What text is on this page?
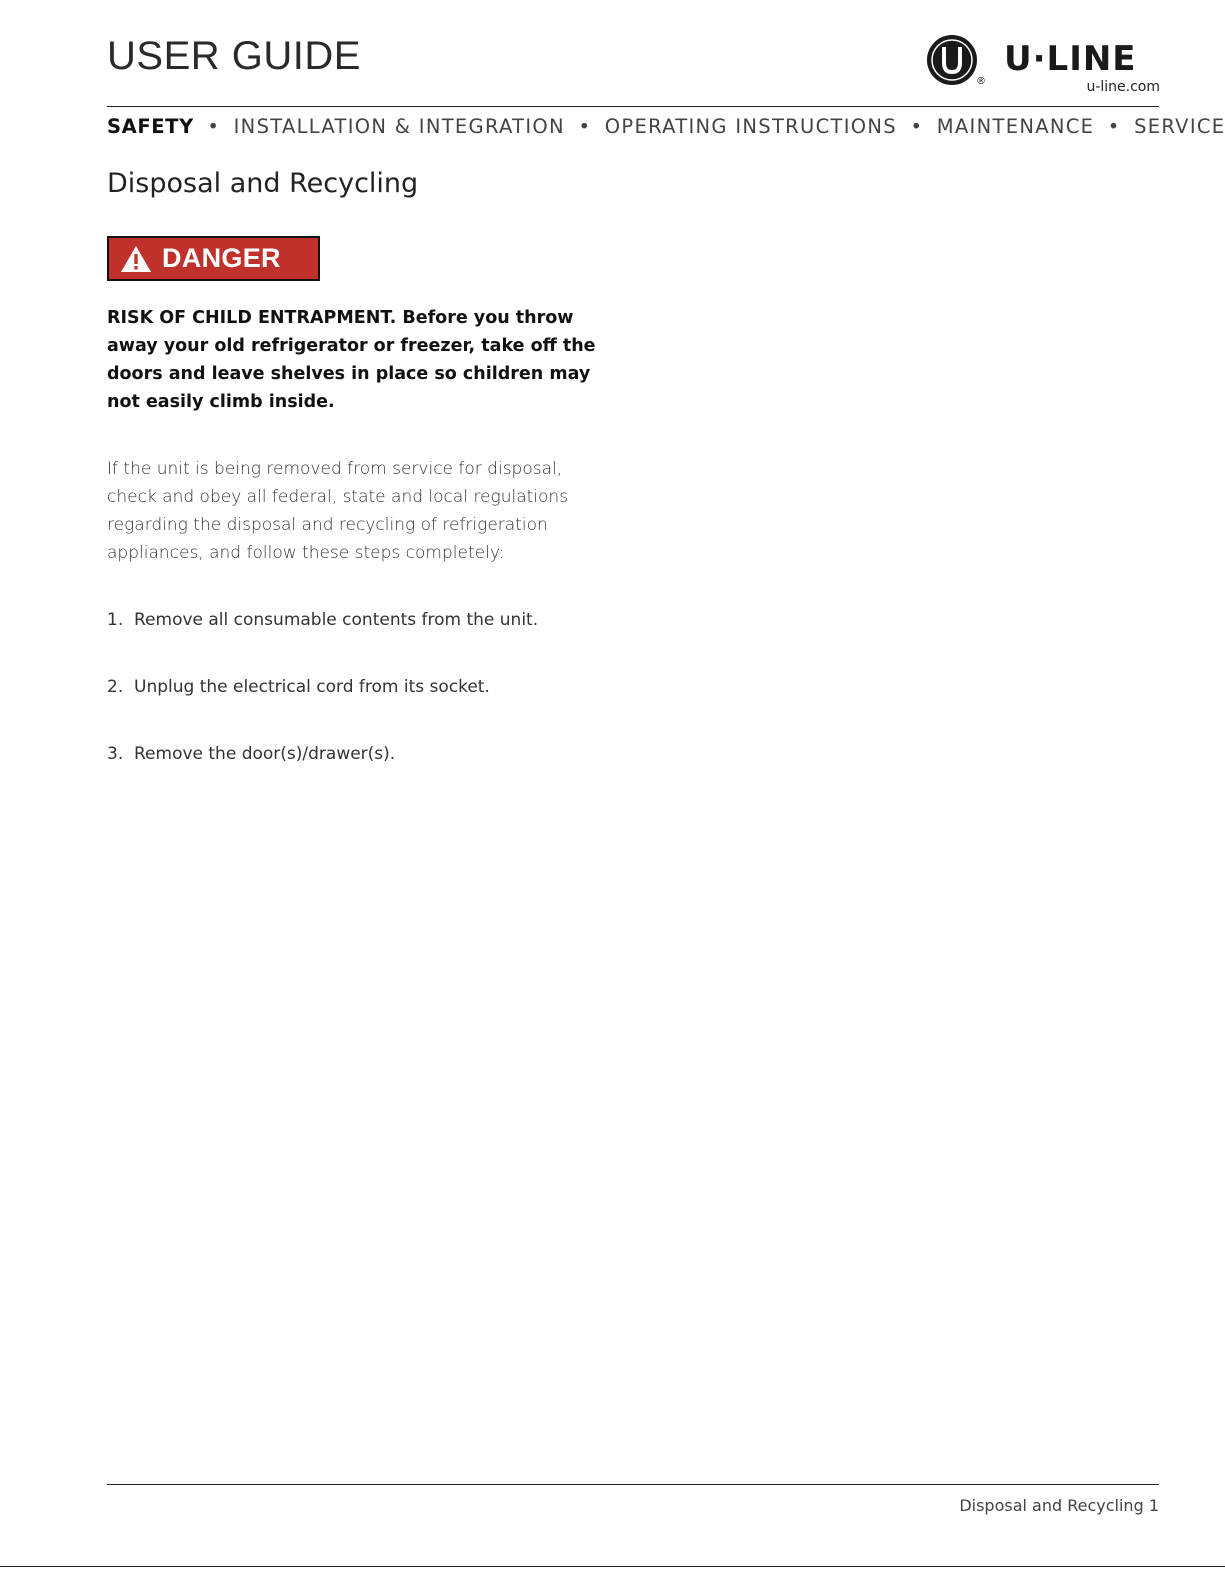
USER GUIDE
®
U·LINE
u-line.com
SAFETY • INSTALLATION & INTEGRATION • OPERATING INSTRUCTIONS • MAINTENANCE • SERVICE
Disposal and Recycling
DANGER
RISK OF CHILD ENTRAPMENT. Before you throw away your old refrigerator or freezer, take off the doors and leave shelves in place so children may not easily climb inside.
If the unit is being removed from service for disposal, check and obey all federal, state and local regulations regarding the disposal and recycling of refrigeration appliances, and follow these steps completely:
1. Remove all consumable contents from the unit.
2. Unplug the electrical cord from its socket.
3. Remove the door(s)/drawer(s).
Disposal and Recycling 1
